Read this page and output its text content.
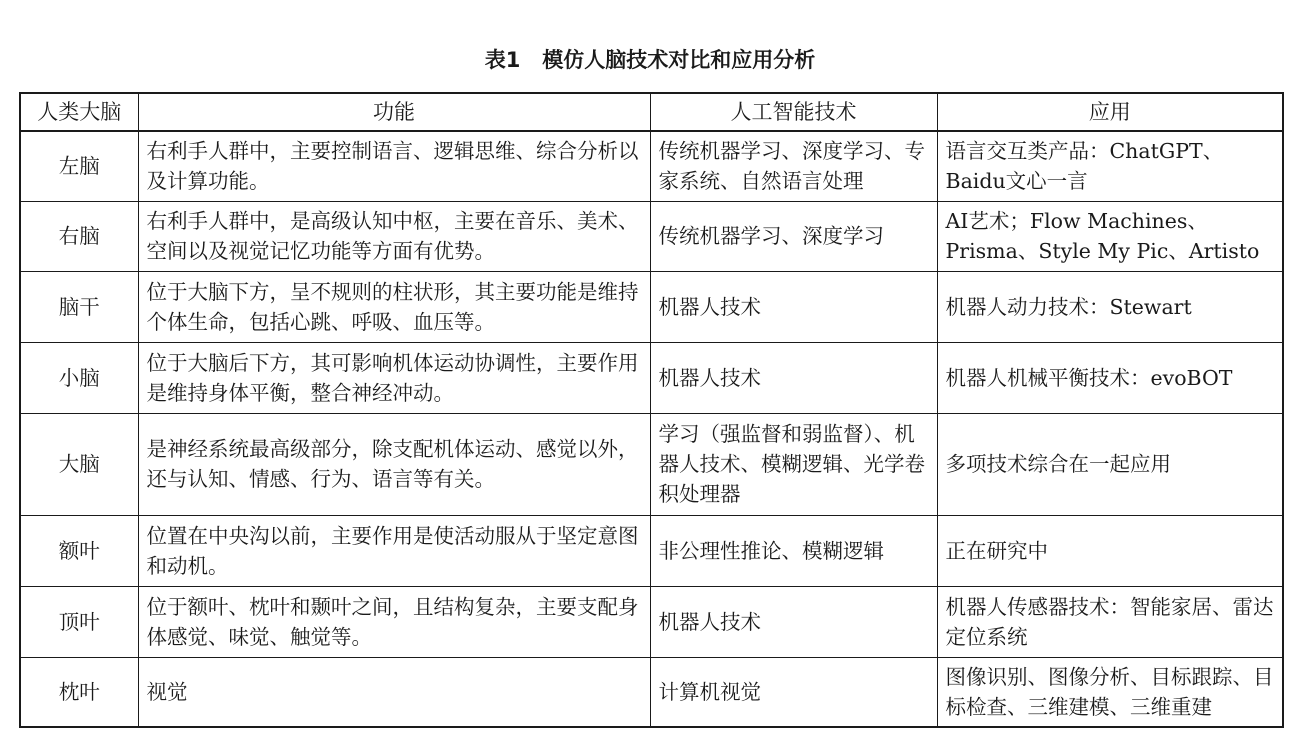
表1 模仿人脑技术对比和应用分析
人类大脑	功能	人工智能技术	应用
左脑	右利手人群中，主要控制语言、逻辑思维、综合分析以及计算功能。	传统机器学习、深度学习、专家系统、自然语言处理	语言交互类产品：ChatGPT、Baidu文心一言
右脑	右利手人群中，是高级认知中枢，主要在音乐、美术、空间以及视觉记忆功能等方面有优势。	传统机器学习、深度学习	AI艺术；Flow Machines、Prisma、Style My Pic、Artisto
脑干	位于大脑下方，呈不规则的柱状形，其主要功能是维持个体生命，包括心跳、呼吸、血压等。	机器人技术	机器人动力技术：Stewart
小脑	位于大脑后下方，其可影响机体运动协调性，主要作用是维持身体平衡，整合神经冲动。	机器人技术	机器人机械平衡技术：evoBOT
大脑	是神经系统最高级部分，除支配机体运动、感觉以外，还与认知、情感、行为、语言等有关。	学习（强监督和弱监督）、机器人技术、模糊逻辑、光学卷积处理器	多项技术综合在一起应用
额叶	位置在中央沟以前，主要作用是使活动服从于坚定意图和动机。	非公理性推论、模糊逻辑	正在研究中
顶叶	位于额叶、枕叶和颞叶之间，且结构复杂，主要支配身体感觉、味觉、触觉等。	机器人技术	机器人传感器技术：智能家居、雷达定位系统
枕叶	视觉	计算机视觉	图像识别、图像分析、目标跟踪、目标检查、三维建模、三维重建
